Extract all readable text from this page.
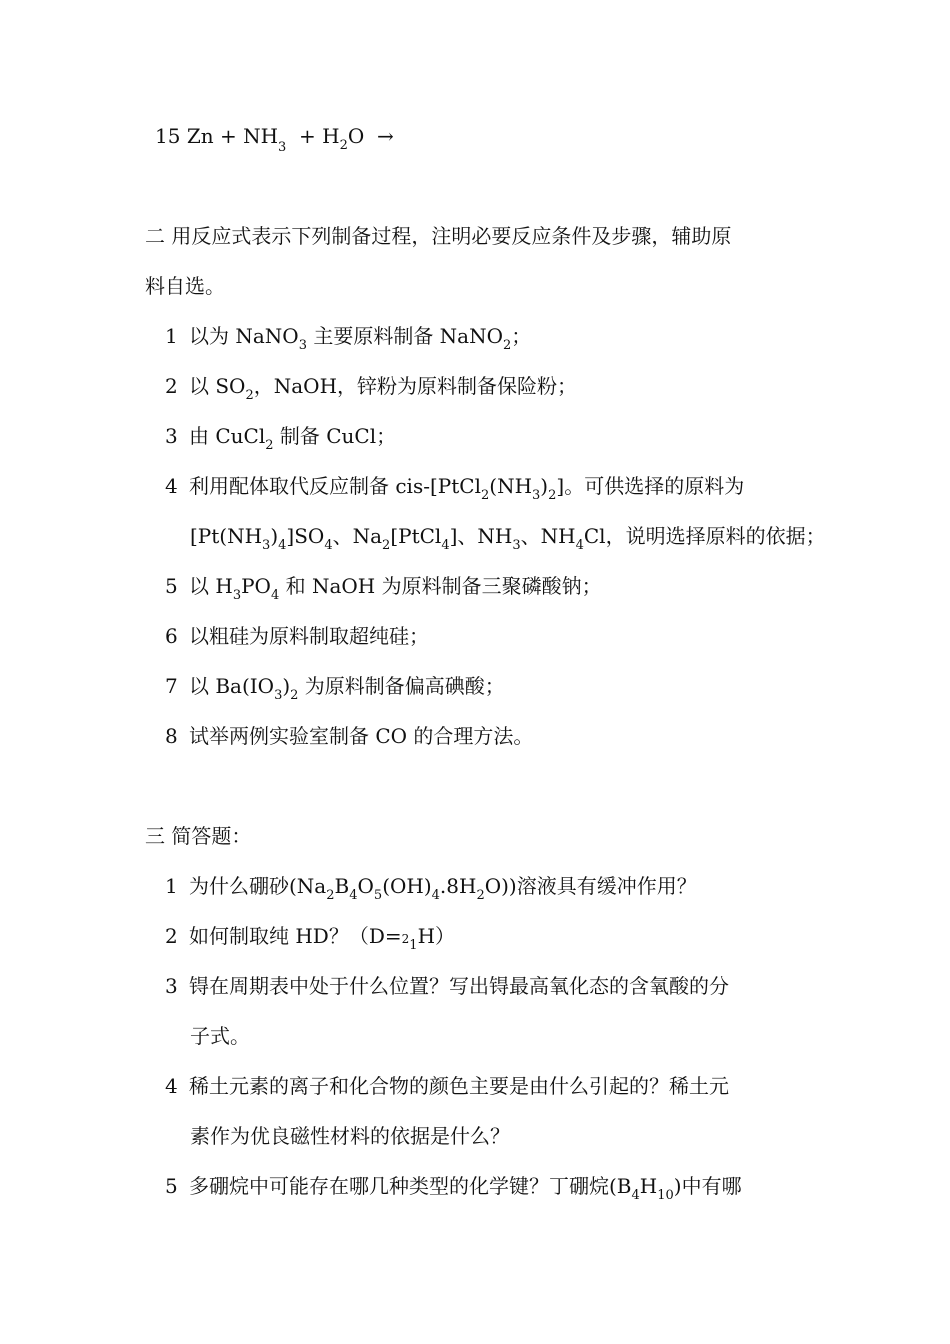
15 $Zn + NH_3 + H_2O$ →
二 用反应式表示下列制备过程，注明必要反应条件及步骤，辅助原
料自选。
1 以为 NaNO$_3$ 主要原料制备 NaNO$_2$；
2 以 $SO_2$，NaOH，锌粉为原料制备保险粉；
3 由 CuCl$_2$ 制备 CuCl；
4 利用配体取代反应制备 cis-$[PtCl_2(NH_3)_2]$。可供选择的原料为
$[Pt(NH_3)_4]SO_4$、$Na_2[PtCl_4]$、$NH_3$、$NH_4Cl$，说明选择原料的依据；
5 以 $H_3PO_4$ 和 NaOH 为原料制备三聚磷酸钠；
6 以粗硅为原料制取超纯硅；
7 以 $Ba(IO_3)_2$ 为原料制备偏高碘酸；
8 试举两例实验室制备 CO 的合理方法。
三 简答题：
1 为什么硼砂$(Na_2B_4O_5(OH)_4.8H_2O)$)溶液具有缓冲作用？
2 如何制取纯 HD？$(D=2_1H)$
3 锝在周期表中处于什么位置？写出锝最高氧化态的含氧酸的分
子式。
4 稀土元素的离子和化合物的颜色主要是由什么引起的？稀土元
素作为优良磁性材料的依据是什么？
5 多硼烷中可能存在哪几种类型的化学键？丁硼烷$(B_4H_{10})$中有哪
